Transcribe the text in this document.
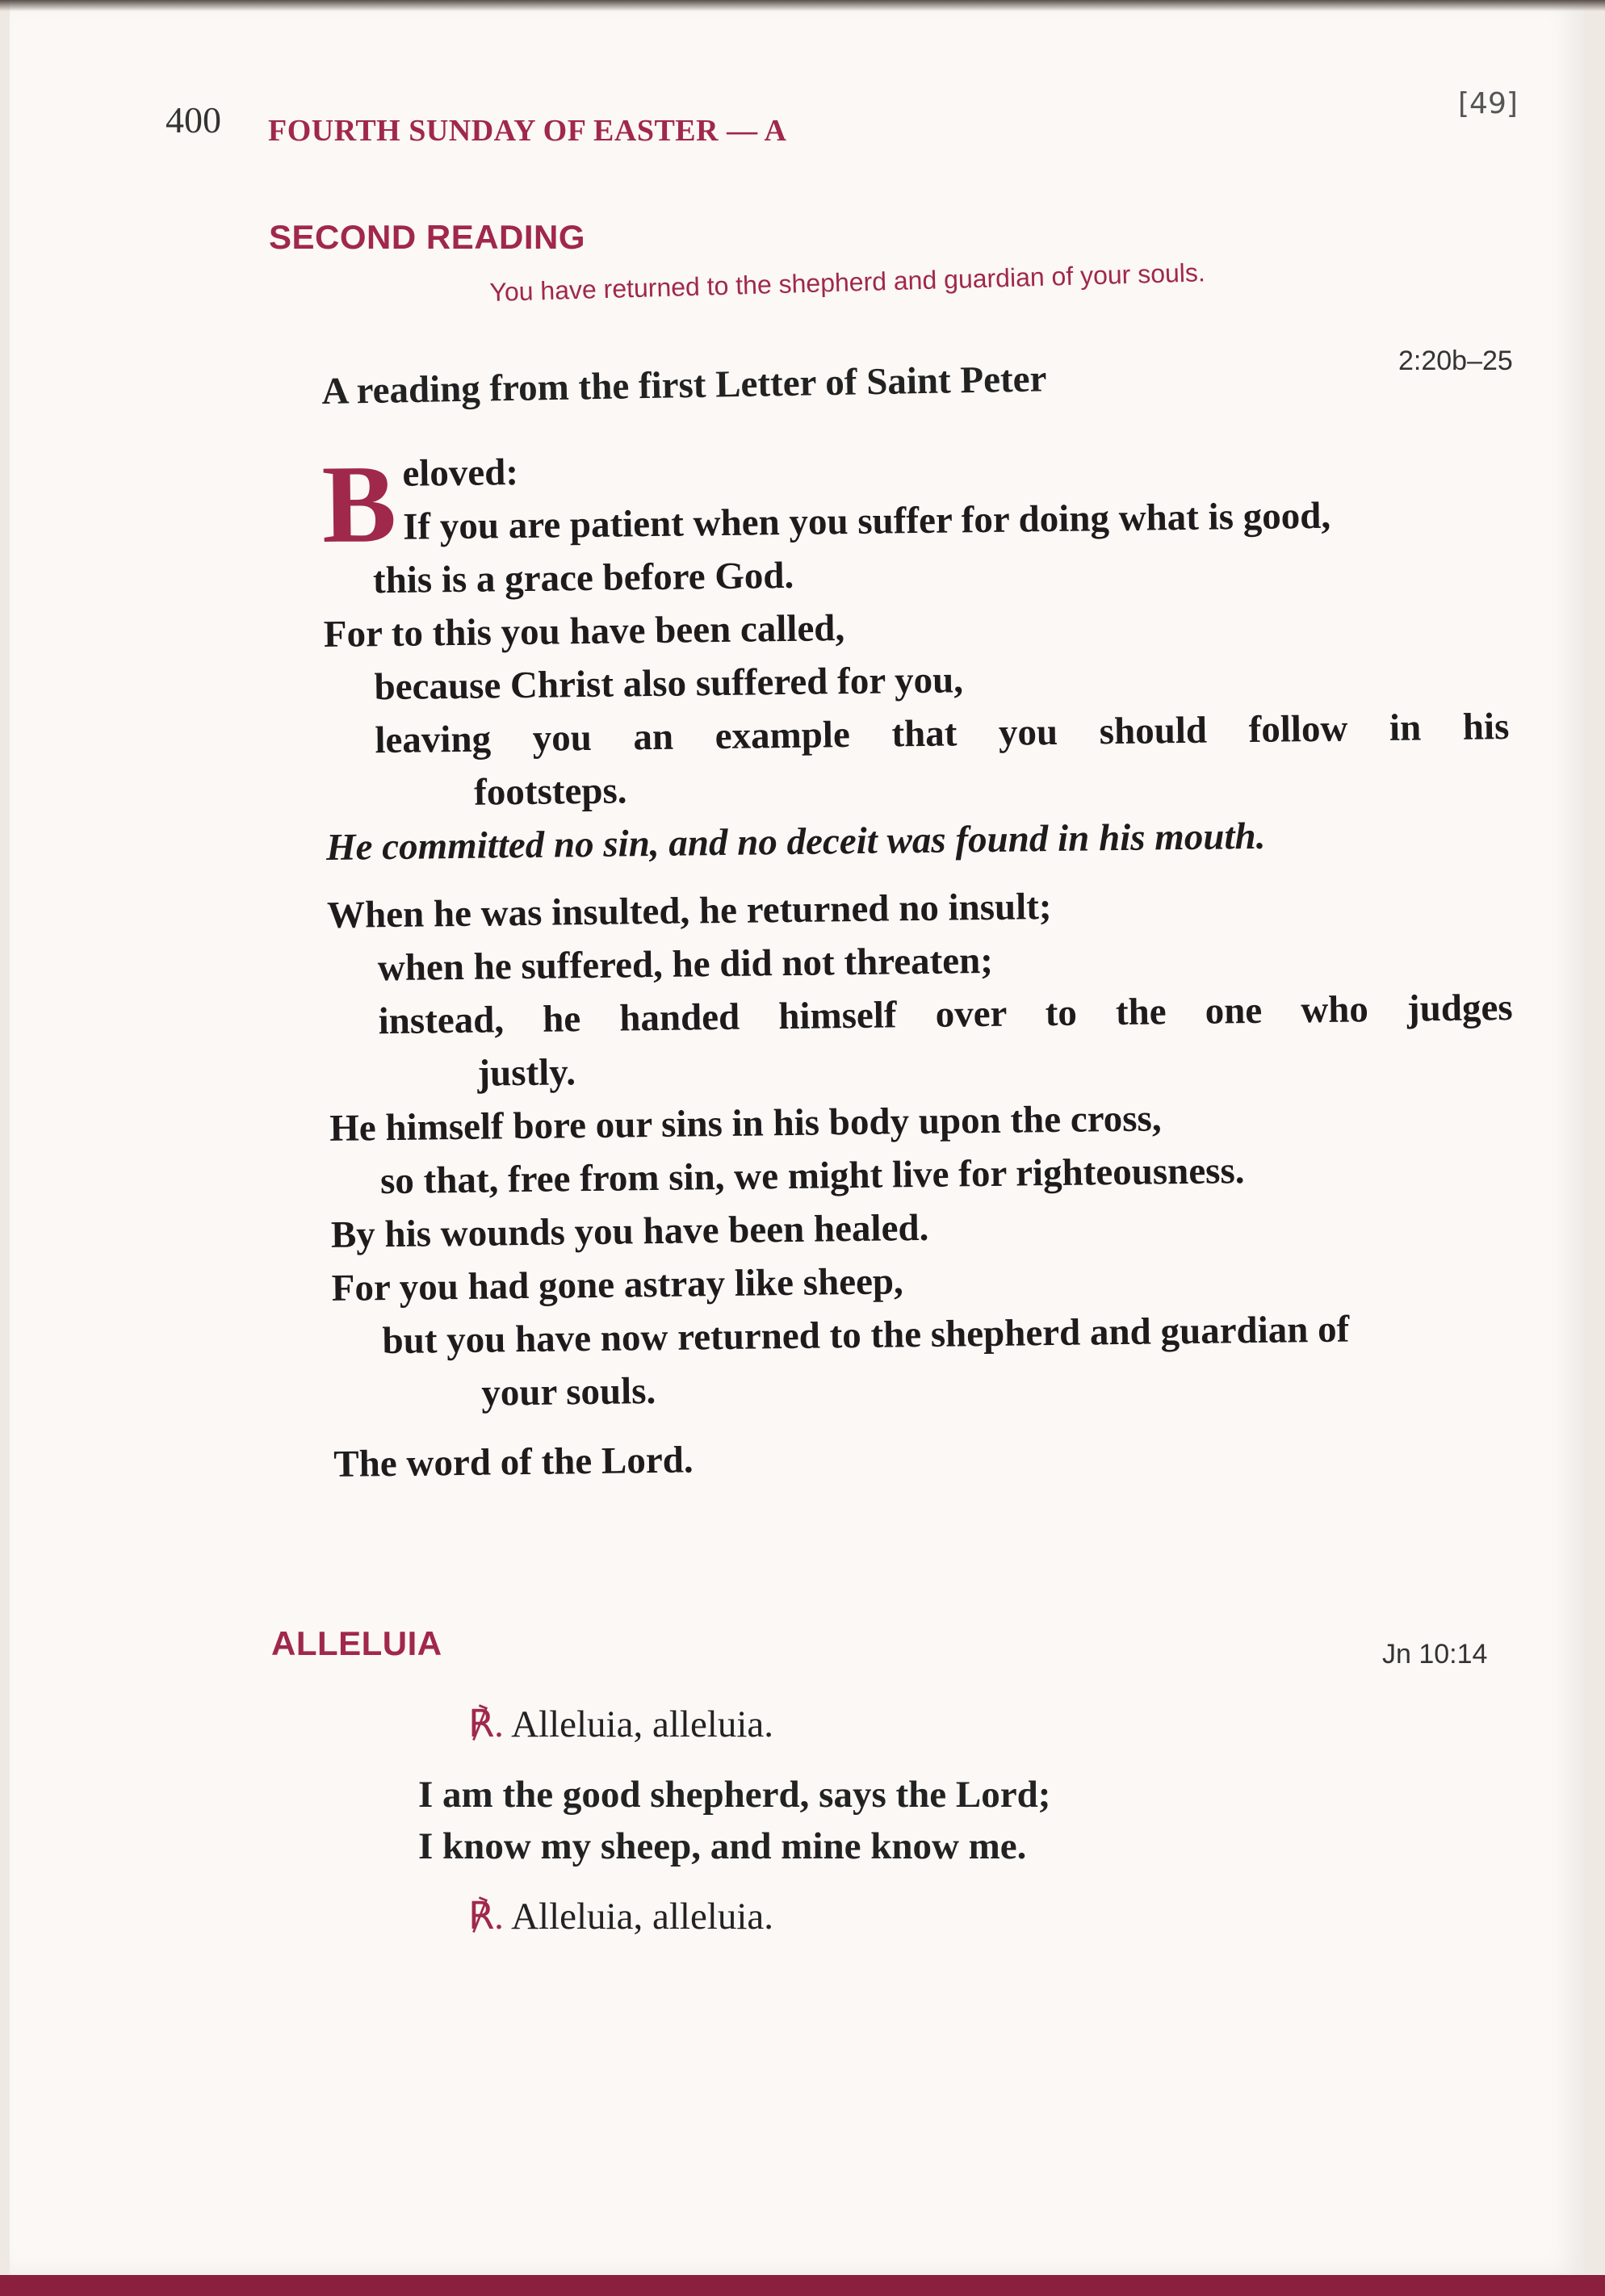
400 FOURTH SUNDAY OF EASTER — A
[49]
SECOND READING
You have returned to the shepherd and guardian of your souls.
2:20b–25
A reading from the first Letter of Saint Peter
B eloved:
If you are patient when you suffer for doing what is good,
this is a grace before God.
For to this you have been called,
because Christ also suffered for you,
leaving you an example that you should follow in his
footsteps.
He committed no sin, and no deceit was found in his mouth.
When he was insulted, he returned no insult;
when he suffered, he did not threaten;
instead, he handed himself over to the one who judges
justly.
He himself bore our sins in his body upon the cross,
so that, free from sin, we might live for righteousness.
By his wounds you have been healed.
For you had gone astray like sheep,
but you have now returned to the shepherd and guardian of
your souls.
The word of the Lord.
ALLELUIA	Jn 10:14
℟. Alleluia, alleluia.
I am the good shepherd, says the Lord;
I know my sheep, and mine know me.
℟. Alleluia, alleluia.
